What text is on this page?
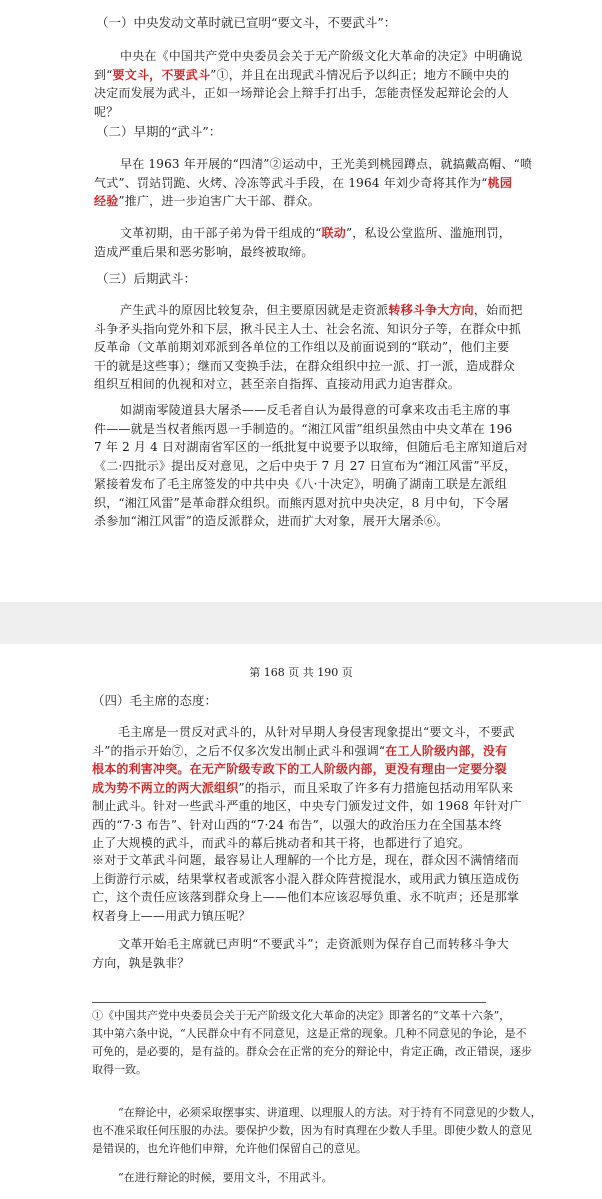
（一）中央发动文革时就已宣明“要文斗，不要武斗”：
中央在《中国共产党中央委员会关于无产阶级文化大革命的决定》中明确说
到“要文斗，不要武斗”①，并且在出现武斗情况后予以纠正；地方不顾中央的
决定而发展为武斗，正如一场辩论会上辩手打出手，怎能责怪发起辩论会的人
呢？
（二）早期的“武斗”：
早在 1963 年开展的“四清”②运动中，王光美到桃园蹲点，就搞戴高帽、“喷
气式”、罚站罚跪、火烤、冷冻等武斗手段，在 1964 年刘少奇将其作为“桃园
经验”推广，进一步迫害广大干部、群众。
文革初期，由干部子弟为骨干组成的“联动”，私设公堂监所、滥施刑罚，
造成严重后果和恶劣影响，最终被取缔。
（三）后期武斗：
产生武斗的原因比较复杂，但主要原因就是走资派转移斗争大方向，始而把
斗争矛头指向党外和下层，揪斗民主人士、社会名流、知识分子等，在群众中抓
反革命（文革前期刘邓派到各单位的工作组以及前面说到的“联动”，他们主要
干的就是这些事）；继而又变换手法，在群众组织中拉一派、打一派，造成群众
组织互相间的仇视和对立，甚至亲自指挥、直接动用武力迫害群众。
如湖南零陵道县大屠杀——反毛者自认为最得意的可拿来攻击毛主席的事
件——就是当权者熊丙恩一手制造的。“湘江风雷”组织虽然由中央文革在 196
7 年 2 月 4 日对湖南省军区的一纸批复中说要予以取缔，但随后毛主席知道后对
《二·四批示》提出反对意见，之后中央于 7 月 27 日宣布为“湘江风雷”平反，
紧接着发布了毛主席签发的中共中央《八·十决定》，明确了湖南工联是左派组
织，“湘江风雷”是革命群众组织。而熊丙恩对抗中央决定，8 月中旬，下令屠
杀参加“湘江风雷”的造反派群众，进而扩大对象，展开大屠杀⑥。
第 168 页 共 190 页
（四）毛主席的态度：
毛主席是一贯反对武斗的，从针对早期人身侵害现象提出“要文斗，不要武
斗”的指示开始⑦，之后不仅多次发出制止武斗和强调“在工人阶级内部，没有
根本的利害冲突。在无产阶级专政下的工人阶级内部，更没有理由一定要分裂
成为势不两立的两大派组织”的指示，而且采取了许多有力措施包括动用军队来
制止武斗。针对一些武斗严重的地区，中央专门颁发过文件，如 1968 年针对广
西的“7·3 布告”、针对山西的“7·24 布告”，以强大的政治压力在全国基本终
止了大规模的武斗，而武斗的幕后挑动者和其干将，也都进行了追究。
※对于文革武斗问题，最容易让人理解的一个比方是，现在，群众因不满情绪而
上街游行示威，结果掌权者或派客小混入群众阵营搅混水，或用武力镇压造成伤
亡，这个责任应该落到群众身上——他们本应该忍辱负重、永不吭声；还是那掌
权者身上——用武力镇压呢？
文革开始毛主席就已声明“不要武斗”；走资派则为保存自己而转移斗争大
方向，孰是孰非？
①《中国共产党中央委员会关于无产阶级文化大革命的决定》即著名的“文革十六条”，
其中第六条中说，“人民群众中有不同意见，这是正常的现象。几种不同意见的争论，是不
可免的，是必要的，是有益的。群众会在正常的充分的辩论中，肯定正确，改正错误，逐步
取得一致。
“在辩论中，必须采取摆事实、讲道理、以理服人的方法。对于持有不同意见的少数人，
也不准采取任何压服的办法。要保护少数，因为有时真理在少数人手里。即使少数人的意见
是错误的，也允许他们申辩，允许他们保留自己的意见。
“在进行辩论的时候，要用文斗，不用武斗。
